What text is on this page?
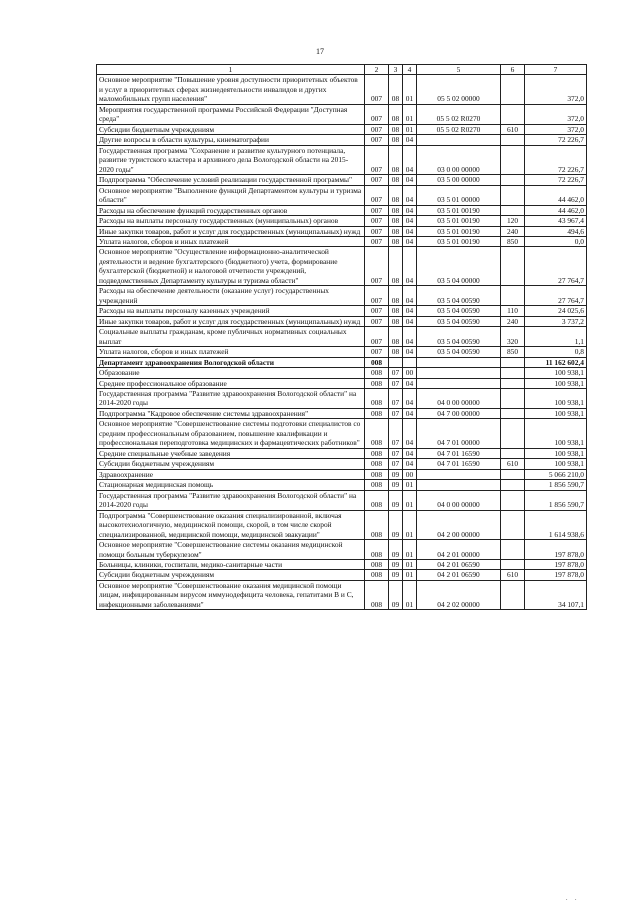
17
1	2	3	4	5	6	7
Основное мероприятие "Повышение уровня доступности приоритетных объектов и услуг в приоритетных сферах жизнедеятельности инвалидов и других маломобильных групп населения"	007	08	01	05 5 02 00000		372,0
Мероприятия государственной программы Российской Федерации "Доступная среда"	007	08	01	05 5 02 R0270		372,0
Субсидии бюджетным учреждениям	007	08	01	05 5 02 R0270	610	372,0
Другие вопросы в области культуры, кинематографии	007	08	04			72 226,7
Государственная программа "Сохранение и развитие культурного потенциала, развитие туристского кластера и архивного дела Вологодской области на 2015-2020 годы"	007	08	04	03 0 00 00000		72 226,7
Подпрограмма "Обеспечение условий реализации государственной программы"	007	08	04	03 5 00 00000		72 226,7
Основное мероприятие "Выполнение функций Департаментом культуры и туризма области"	007	08	04	03 5 01 00000		44 462,0
Расходы на обеспечение функций государственных органов	007	08	04	03 5 01 00190		44 462,0
Расходы на выплаты персоналу государственных (муниципальных) органов	007	08	04	03 5 01 00190	120	43 967,4
Иные закупки товаров, работ и услуг для государственных (муниципальных) нужд	007	08	04	03 5 01 00190	240	494,6
Уплата налогов, сборов и иных платежей	007	08	04	03 5 01 00190	850	0,0
Основное мероприятие "Осуществление информационно-аналитической деятельности и ведение бухгалтерского (бюджетного) учета, формирование бухгалтерской (бюджетной) и налоговой отчетности учреждений, подведомственных Департаменту культуры и туризма области"	007	08	04	03 5 04 00000		27 764,7
Расходы на обеспечение деятельности (оказание услуг) государственных учреждений	007	08	04	03 5 04 00590		27 764,7
Расходы на выплаты персоналу казенных учреждений	007	08	04	03 5 04 00590	110	24 025,6
Иные закупки товаров, работ и услуг для государственных (муниципальных) нужд	007	08	04	03 5 04 00590	240	3 737,2
Социальные выплаты гражданам, кроме публичных нормативных социальных выплат	007	08	04	03 5 04 00590	320	1,1
Уплата налогов, сборов и иных платежей	007	08	04	03 5 04 00590	850	0,8
Департамент здравоохранения Вологодской области	008					11 162 602,4
Образование	008	07	00			100 938,1
Среднее профессиональное образование	008	07	04			100 938,1
Государственная программа "Развитие здравоохранения Вологодской области" на 2014-2020 годы	008	07	04	04 0 00 00000		100 938,1
Подпрограмма "Кадровое обеспечение системы здравоохранения"	008	07	04	04 7 00 00000		100 938,1
Основное мероприятие "Совершенствование системы подготовки специалистов со средним профессиональным образованием, повышение квалификации и профессиональная переподготовка медицинских и фармацевтических работников"	008	07	04	04 7 01 00000		100 938,1
Средние специальные учебные заведения	008	07	04	04 7 01 16590		100 938,1
Субсидии бюджетным учреждениям	008	07	04	04 7 01 16590	610	100 938,1
Здравоохранение	008	09	00			5 066 210,0
Стационарная медицинская помощь	008	09	01			1 856 590,7
Государственная программа "Развитие здравоохранения Вологодской области" на 2014-2020 годы	008	09	01	04 0 00 00000		1 856 590,7
Подпрограмма "Совершенствование оказания специализированной, включая высокотехнологичную, медицинской помощи, скорой, в том числе скорой специализированной, медицинской помощи, медицинской эвакуации"	008	09	01	04 2 00 00000		1 614 938,6
Основное мероприятие "Совершенствование системы оказания медицинской помощи больным туберкулезом"	008	09	01	04 2 01 00000		197 878,0
Больницы, клиники, госпитали, медико-санитарные части	008	09	01	04 2 01 06590		197 878,0
Субсидии бюджетным учреждениям	008	09	01	04 2 01 06590	610	197 878,0
Основное мероприятие "Совершенствование оказания медицинской помощи лицам, инфицированным вирусом иммунодефицита человека, гепатитами B и C, инфекционными заболеваниями"	008	09	01	04 2 02 00000		34 107,1
. .
